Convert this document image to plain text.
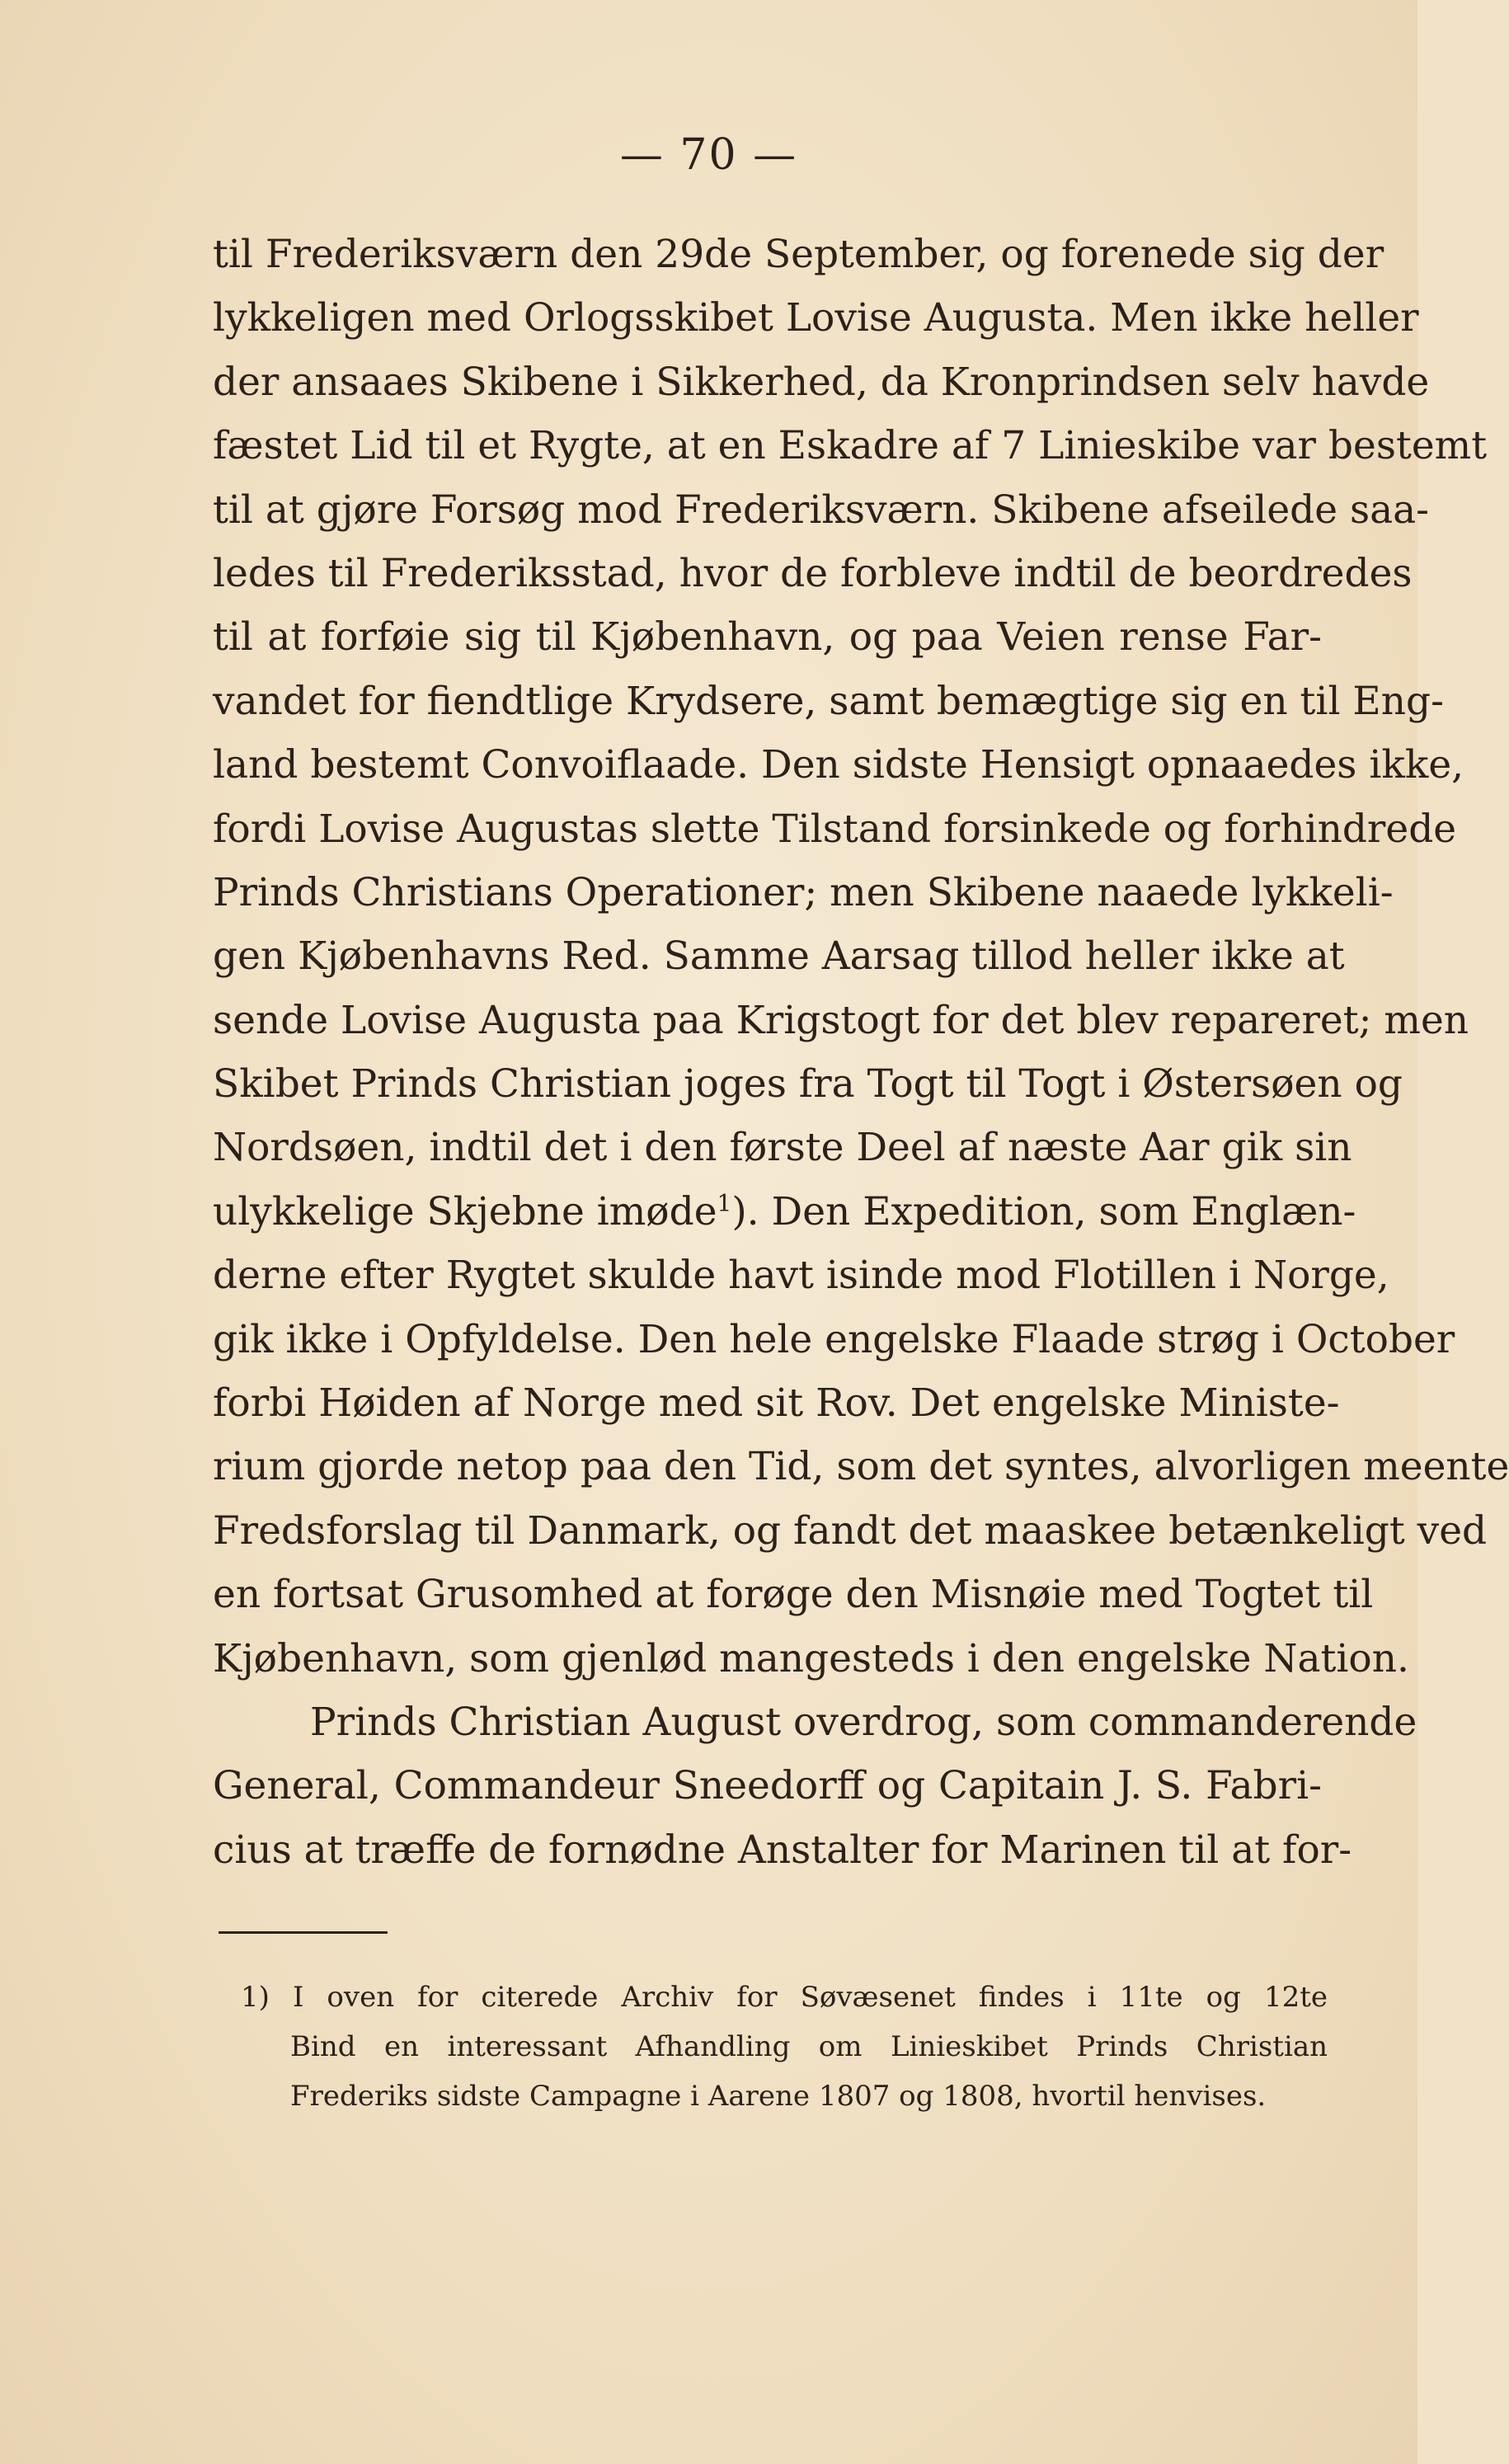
— 70 —
til Frederiksværn den 29de September, og forenede sig der
lykkeligen med Orlogsskibet Lovise Augusta. Men ikke heller
der ansaaes Skibene i Sikkerhed, da Kronprindsen selv havde
fæstet Lid til et Rygte, at en Eskadre af 7 Linieskibe var bestemt
til at gjøre Forsøg mod Frederiksværn. Skibene afseilede saa-
ledes til Frederiksstad, hvor de forbleve indtil de beordredes
til at forføie sig til Kjøbenhavn, og paa Veien rense Far-
vandet for fiendtlige Krydsere, samt bemægtige sig en til Eng-
land bestemt Convoiflaade. Den sidste Hensigt opnaaedes ikke,
fordi Lovise Augustas slette Tilstand forsinkede og forhindrede
Prinds Christians Operationer; men Skibene naaede lykkeli-
gen Kjøbenhavns Red. Samme Aarsag tillod heller ikke at
sende Lovise Augusta paa Krigstogt for det blev repareret; men
Skibet Prinds Christian joges fra Togt til Togt i Østersøen og
Nordsøen, indtil det i den første Deel af næste Aar gik sin
ulykkelige Skjebne imøde$^1$). Den Expedition, som Englæn-
derne efter Rygtet skulde havt isinde mod Flotillen i Norge,
gik ikke i Opfyldelse. Den hele engelske Flaade strøg i October
forbi Høiden af Norge med sit Rov. Det engelske Ministe-
rium gjorde netop paa den Tid, som det syntes, alvorligen meente
Fredsforslag til Danmark, og fandt det maaskee betænkeligt ved
en fortsat Grusomhed at forøge den Misnøie med Togtet til
Kjøbenhavn, som gjenlød mangesteds i den engelske Nation.
Prinds Christian August overdrog, som commanderende
General, Commandeur Sneedorff og Capitain J. S. Fabri-
cius at træffe de fornødne Anstalter for Marinen til at for-
1) I oven for citerede Archiv for Søvæsenet findes i 11te og 12te
Bind en interessant Afhandling om Linieskibet Prinds Christian
Frederiks sidste Campagne i Aarene 1807 og 1808, hvortil henvises.
